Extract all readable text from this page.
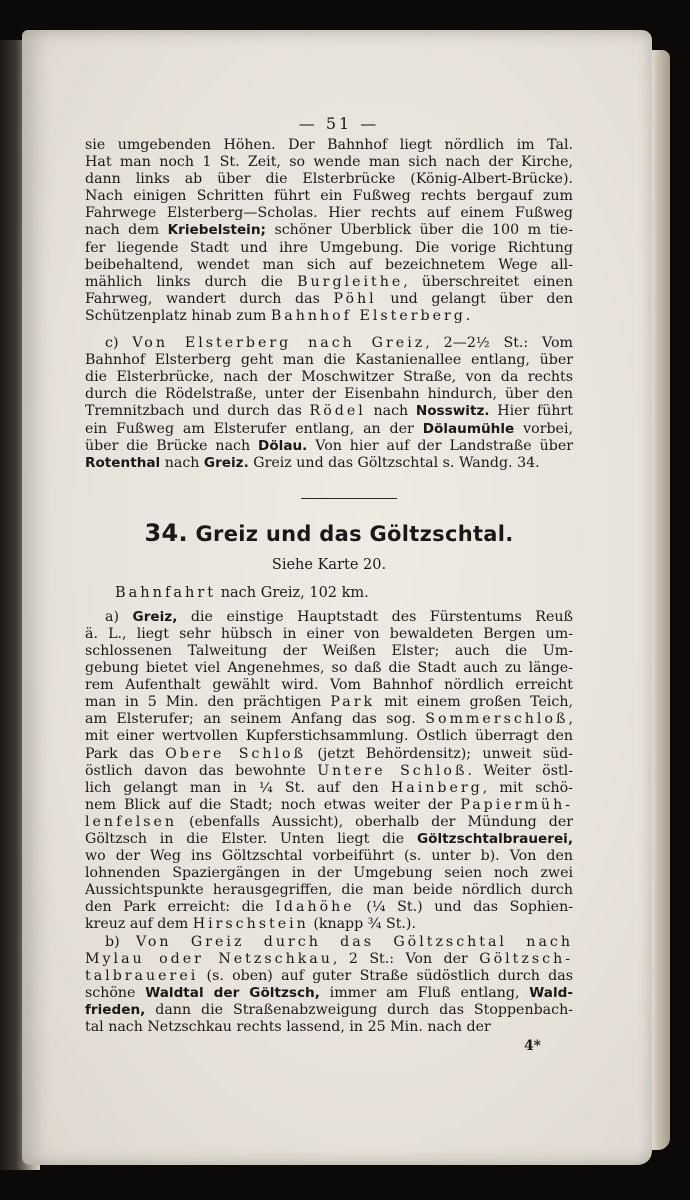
— 51 —
sie umgebenden Höhen. Der Bahnhof liegt nördlich im Tal.
Hat man noch 1 St. Zeit, so wende man sich nach der Kirche,
dann links ab über die Elsterbrücke (König-Albert-Brücke).
Nach einigen Schritten führt ein Fußweg rechts bergauf zum
Fahrwege Elsterberg—Scholas. Hier rechts auf einem Fußweg
nach dem Kriebelstein; schöner Überblick über die 100 m tie-
fer liegende Stadt und ihre Umgebung. Die vorige Richtung
beibehaltend, wendet man sich auf bezeichnetem Wege all-
mählich links durch die Burgleithe, überschreitet einen
Fahrweg, wandert durch das Pöhl und gelangt über den
Schützenplatz hinab zum Bahnhof Elsterberg.
c) Von Elsterberg nach Greiz, 2—2½ St.: Vom
Bahnhof Elsterberg geht man die Kastanienallee entlang, über
die Elsterbrücke, nach der Moschwitzer Straße, von da rechts
durch die Rödelstraße, unter der Eisenbahn hindurch, über den
Tremnitzbach und durch das Rödel nach Nosswitz. Hier führt
ein Fußweg am Elsterufer entlang, an der Dölaumühle vorbei,
über die Brücke nach Dölau. Von hier auf der Landstraße über
Rotenthal nach Greiz. Greiz und das Göltzschtal s. Wandg. 34.
34. Greiz und das Göltzschtal.
Siehe Karte 20.
Bahnfahrt nach Greiz, 102 km.
a) Greiz, die einstige Hauptstadt des Fürstentums Reuß
ä. L., liegt sehr hübsch in einer von bewaldeten Bergen um-
schlossenen Talweitung der Weißen Elster; auch die Um-
gebung bietet viel Angenehmes, so daß die Stadt auch zu länge-
rem Aufenthalt gewählt wird. Vom Bahnhof nördlich erreicht
man in 5 Min. den prächtigen Park mit einem großen Teich,
am Elsterufer; an seinem Anfang das sog. Sommerschloß,
mit einer wertvollen Kupferstichsammlung. Östlich überragt den
Park das Obere Schloß (jetzt Behördensitz); unweit süd-
östlich davon das bewohnte Untere Schloß. Weiter östl-
lich gelangt man in ¼ St. auf den Hainberg, mit schö-
nem Blick auf die Stadt; noch etwas weiter der Papiermüh-
lenfelsen (ebenfalls Aussicht), oberhalb der Mündung der
Göltzsch in die Elster. Unten liegt die Göltzschtalbrauerei,
wo der Weg ins Göltzschtal vorbeiführt (s. unter b). Von den
lohnenden Spaziergängen in der Umgebung seien noch zwei
Aussichtspunkte herausgegriffen, die man beide nördlich durch
den Park erreicht: die Idahöhe (¼ St.) und das Sophien-
kreuz auf dem Hirschstein (knapp ¾ St.).
b) Von Greiz durch das Göltzschtal nach
Mylau oder Netzschkau, 2 St.: Von der Göltzsch-
talbrauerei (s. oben) auf guter Straße südöstlich durch das
schöne Waldtal der Göltzsch, immer am Fluß entlang, Wald-
frieden, dann die Straßenabzweigung durch das Stoppenbach-
tal nach Netzschkau rechts lassend, in 25 Min. nach der
4*
